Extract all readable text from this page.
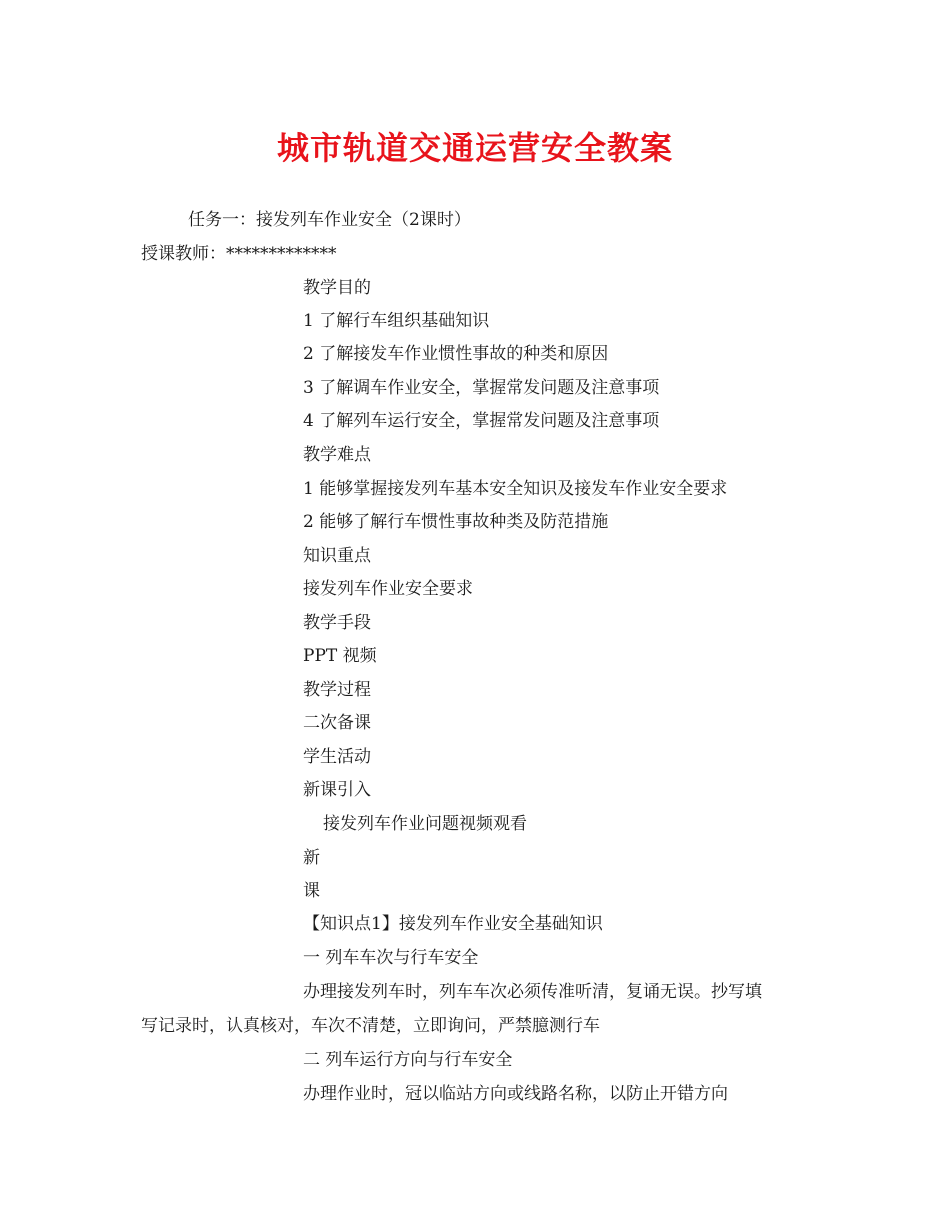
城市轨道交通运营安全教案
任务一：接发列车作业安全（2课时）
授课教师：*************
教学目的
1 了解行车组织基础知识
2 了解接发车作业惯性事故的种类和原因
3 了解调车作业安全，掌握常发问题及注意事项
4 了解列车运行安全，掌握常发问题及注意事项
教学难点
1 能够掌握接发列车基本安全知识及接发车作业安全要求
2 能够了解行车惯性事故种类及防范措施
知识重点
接发列车作业安全要求
教学手段
PPT 视频
教学过程
二次备课
学生活动
新课引入
接发列车作业问题视频观看
新
课
【知识点1】接发列车作业安全基础知识
一 列车车次与行车安全
办理接发列车时，列车车次必须传准听清，复诵无误。抄写填
写记录时，认真核对，车次不清楚，立即询问，严禁臆测行车
二 列车运行方向与行车安全
办理作业时，冠以临站方向或线路名称，以防止开错方向
